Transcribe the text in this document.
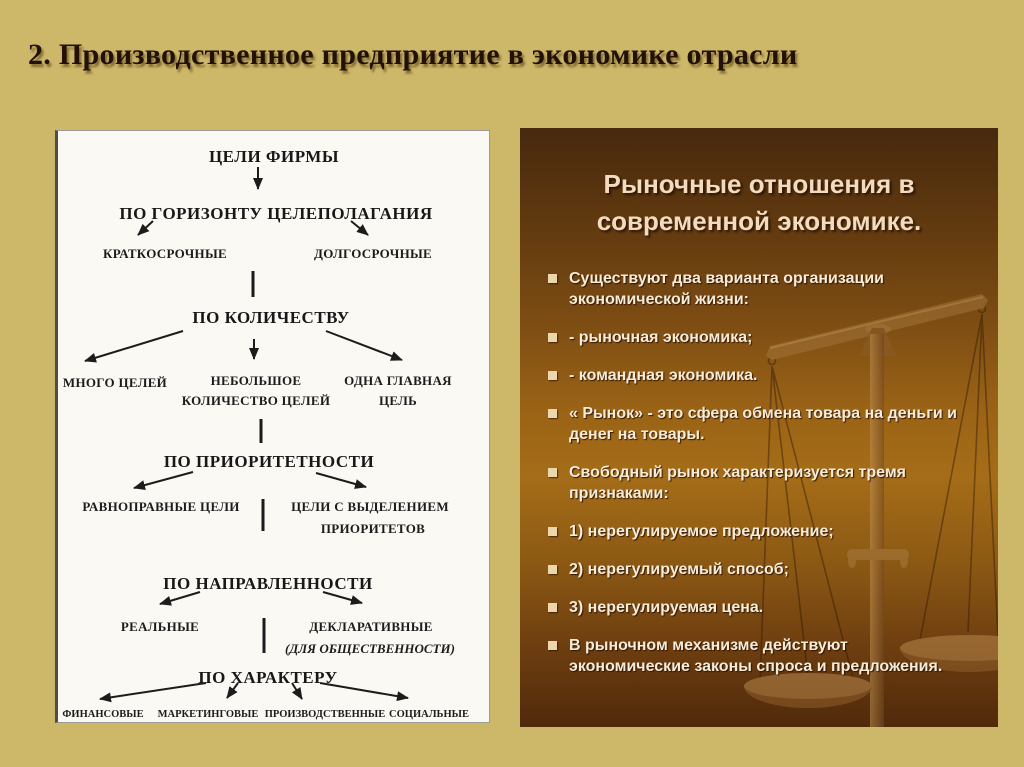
2. Производственное предприятие в экономике отрасли
ЦЕЛИ ФИРМЫ
ПО ГОРИЗОНТУ ЦЕЛЕПОЛАГАНИЯ
КРАТКОСРОЧНЫЕ	ДОЛГОСРОЧНЫЕ
ПО КОЛИЧЕСТВУ
МНОГО ЦЕЛЕЙ	НЕБОЛЬШОЕ
КОЛИЧЕСТВО ЦЕЛЕЙ
ОДНА ГЛАВНАЯ
ЦЕЛЬ
ПО ПРИОРИТЕТНОСТИ
РАВНОПРАВНЫЕ ЦЕЛИ	ЦЕЛИ С ВЫДЕЛЕНИЕМ
ПРИОРИТЕТОВ
ПО НАПРАВЛЕННОСТИ
РЕАЛЬНЫЕ	ДЕКЛАРАТИВНЫЕ
(ДЛЯ ОБЩЕСТВЕННОСТИ)
ПО ХАРАКТЕРУ
ФИНАНСОВЫЕ МАРКЕТИНГОВЫЕ ПРОИЗВОДСТВЕННЫЕ СОЦИАЛЬНЫЕ
Рыночные отношения в
современной экономике.
Существуют два варианта организации экономической жизни:
- рыночная экономика;
- командная экономика.
« Рынок» - это сфера обмена товара на деньги и денег на товары.
Свободный рынок характеризуется тремя признаками:
1) нерегулируемое предложение;
2) нерегулируемый способ;
3) нерегулируемая цена.
В рыночном механизме действуют экономические законы спроса и предложения.
